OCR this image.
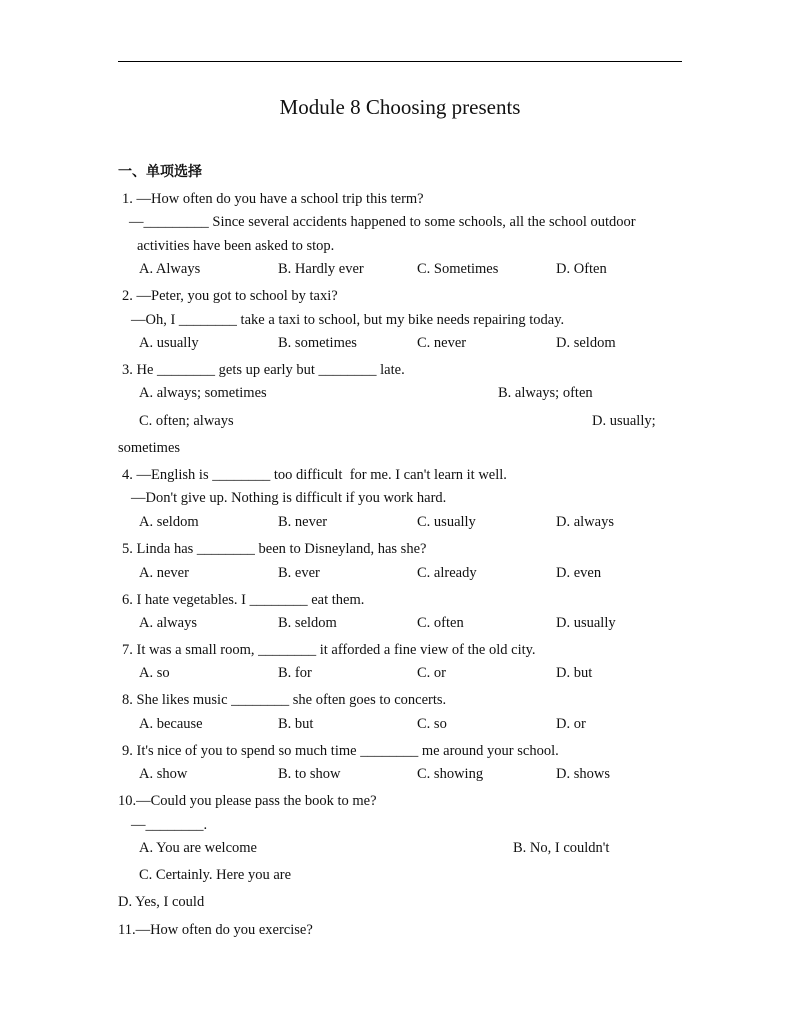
Module 8 Choosing presents
一、单项选择
1. —How often do you have a school trip this term?
—_________ Since several accidents happened to some schools, all the school outdoor
activities have been asked to stop.
A. Always	B. Hardly ever	C. Sometimes	D. Often
2. —Peter, you got to school by taxi?
—Oh, I ________ take a taxi to school, but my bike needs repairing today.
A. usually	B. sometimes	C. never	D. seldom
3. He ________ gets up early but ________ late.
A. always; sometimes	B. always; often
C. often; always	D. usually;
sometimes
4. —English is ________ too difficult  for me. I can't learn it well.
—Don't give up. Nothing is difficult if you work hard.
A. seldom	B. never	C. usually	D. always
5. Linda has ________ been to Disneyland, has she?
A. never	B. ever	C. already	D. even
6. I hate vegetables. I ________ eat them.
A. always	B. seldom	C. often	D. usually
7. It was a small room, ________ it afforded a fine view of the old city.
A. so	B. for	C. or	D. but
8. She likes music ________ she often goes to concerts.
A. because	B. but	C. so	D. or
9. It's nice of you to spend so much time ________ me around your school.
A. show	B. to show	C. showing	D. shows
10.—Could you please pass the book to me?
—________.
A. You are welcome	B. No, I couldn't
C. Certainly. Here you are
D. Yes, I could
11.—How often do you exercise?
